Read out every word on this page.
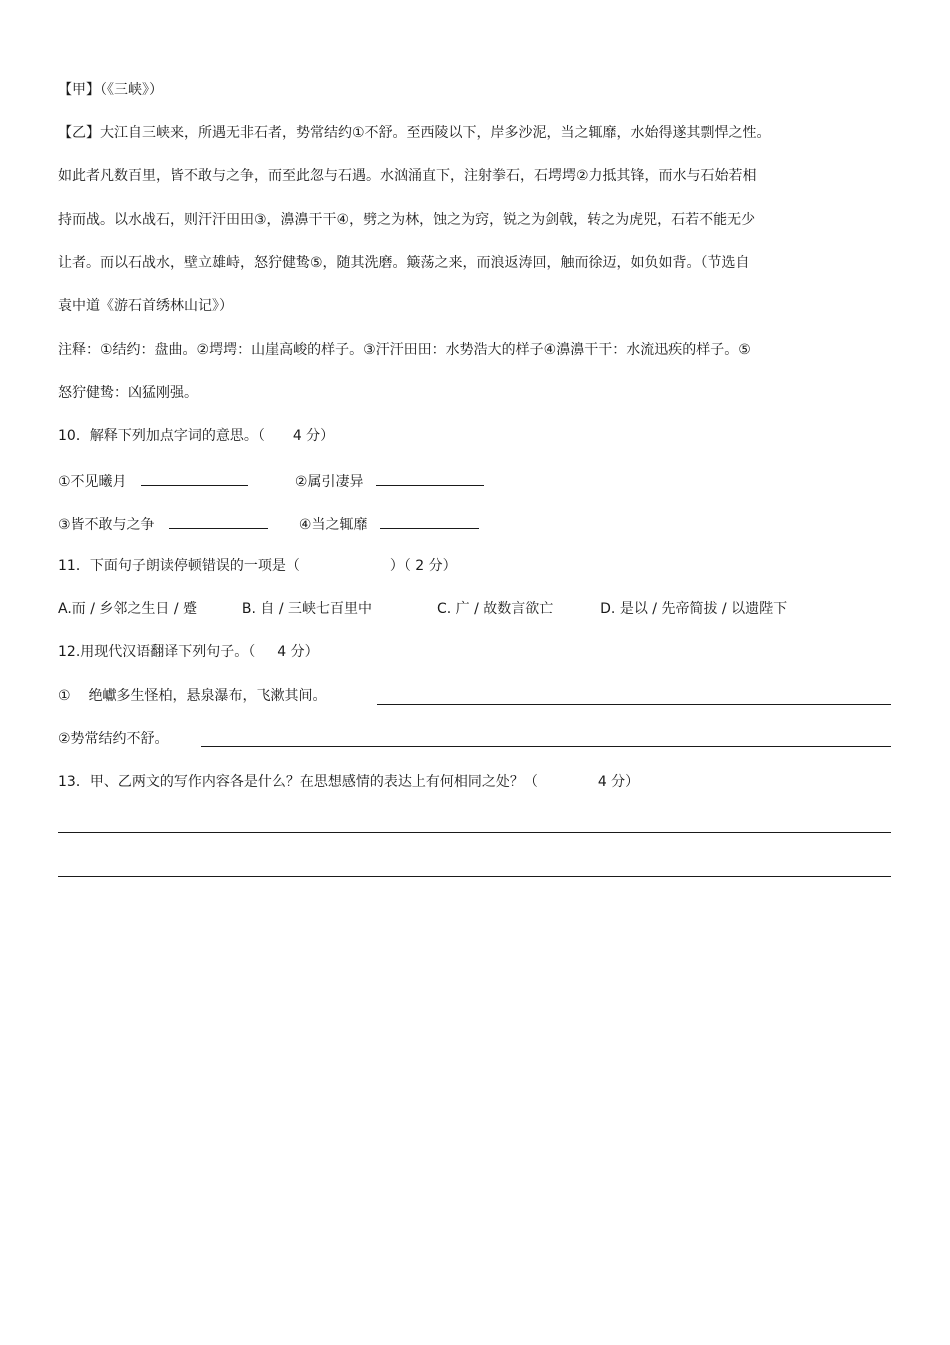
【甲】（《三峡》）
【乙】大江自三峡来，所遇无非石者，势常结约①不舒。至西陵以下，岸多沙泥，当之辄靡，水始得遂其剽悍之性。
如此者凡数百里，皆不敢与之争，而至此忽与石遇。水汹涌直下，注射拳石，石堮堮②力抵其锋，而水与石始若相
持而战。以水战石，则汗汗田田③，濞濞干干④，劈之为林，蚀之为窍，锐之为剑戟，转之为虎兕，石若不能无少
让者。而以石战水，壁立雄峙，怒狞健鸷⑤，随其洗磨。簸荡之来，而浪返涛回，触而徐迈，如负如背。（节选自
袁中道《游石首绣林山记》）
注释：①结约：盘曲。②堮堮：山崖高峻的样子。③汗汗田田：水势浩大的样子④濞濞干干：水流迅疾的样子。⑤
怒狞健鸷：凶猛刚强。
10．解释下列加点字词的意思。（ 4 分）
①不见曦月	②属引凄异
③皆不敢与之争	④当之辄靡
11．下面句子朗读停顿错误的一项是（	）（ 2 分）
A.而 / 乡邻之生日 / 蹙	B. 自 / 三峡七百里中	C. 广 / 故数言欲亡	D. 是以 / 先帝简拔 / 以遗陛下
12.用现代汉语翻译下列句子。（ 4 分）
① 绝巘多生怪柏，悬泉瀑布，飞漱其间。
②势常结约不舒。
13．甲、乙两文的写作内容各是什么？在思想感情的表达上有何相同之处？（	4 分）
